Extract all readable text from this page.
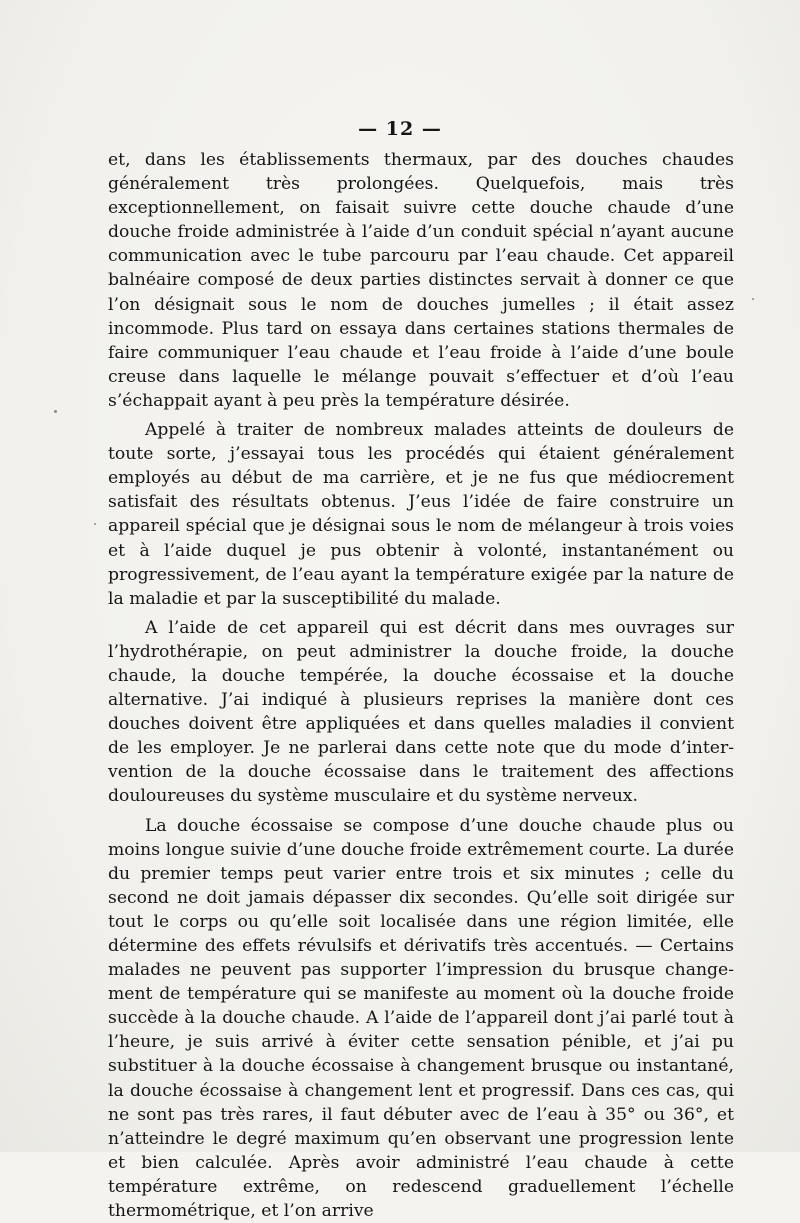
— 12 —

et, dans les établissements thermaux, par des douches chaudes généralement très prolongées. Quelquefois, mais très exceptionnellement, on faisait suivre cette douche chaude d’une douche froide administrée à l’aide d’un conduit spécial n’ayant aucune communication avec le tube parcouru par l’eau chaude. Cet appareil balnéaire composé de deux parties distinctes servait à donner ce que l’on désignait sous le nom de douches jumelles ; il était assez incommode. Plus tard on essaya dans certaines stations thermales de faire communiquer l’eau chaude et l’eau froide à l’aide d’une boule creuse dans laquelle le mélange pouvait s’effectuer et d’où l’eau s’échappait ayant à peu près la température désirée.

Appelé à traiter de nombreux malades atteints de douleurs de toute sorte, j’essayai tous les procédés qui étaient généralement employés au début de ma carrière, et je ne fus que médiocrement satisfait des résultats obtenus. J’eus l’idée de faire construire un appareil spécial que je désignai sous le nom de mélangeur à trois voies et à l’aide duquel je pus obtenir à volonté, instantanément ou progressivement, de l’eau ayant la température exigée par la nature de la maladie et par la susceptibilité du malade.

A l’aide de cet appareil qui est décrit dans mes ouvrages sur l’hydrothérapie, on peut administrer la douche froide, la douche chaude, la douche tempérée, la douche écossaise et la douche alternative. J’ai indiqué à plusieurs reprises la manière dont ces douches doivent être appliquées et dans quelles maladies il convient de les employer. Je ne parlerai dans cette note que du mode d’intervention de la douche écossaise dans le traitement des affections douloureuses du système musculaire et du système nerveux.

La douche écossaise se compose d’une douche chaude plus ou moins longue suivie d’une douche froide extrêmement courte. La durée du premier temps peut varier entre trois et six minutes ; celle du second ne doit jamais dépasser dix secondes. Qu’elle soit dirigée sur tout le corps ou qu’elle soit localisée dans une région limitée, elle détermine des effets révulsifs et dérivatifs très accentués. — Certains malades ne peuvent pas supporter l’impression du brusque changement de température qui se manifeste au moment où la douche froide succède à la douche chaude. A l’aide de l’appareil dont j’ai parlé tout à l’heure, je suis arrivé à éviter cette sensation pénible, et j’ai pu substituer à la douche écossaise à changement brusque ou instantané, la douche écossaise à changement lent et progressif. Dans ces cas, qui ne sont pas très rares, il faut débuter avec de l’eau à 35° ou 36°, et n’atteindre le degré maximum qu’en observant une progression lente et bien calculée. Après avoir administré l’eau chaude à cette température extrême, on redescend graduellement l’échelle thermométrique, et l’on arrive
